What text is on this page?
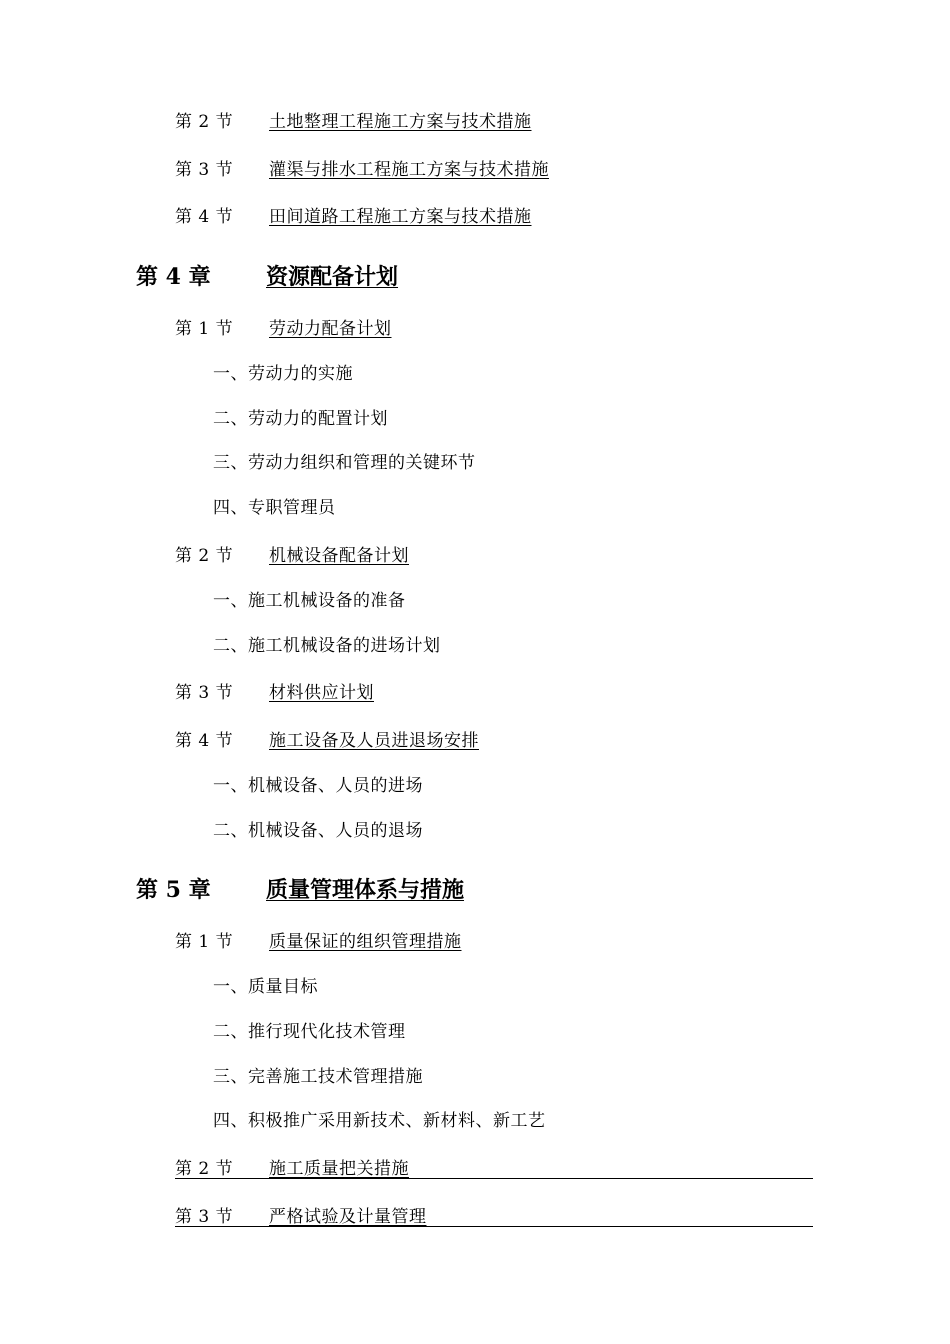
第 2 节 土地整理工程施工方案与技术措施
第 3 节 灌渠与排水工程施工方案与技术措施
第 4 节 田间道路工程施工方案与技术措施
第 4 章	资源配备计划
第 1 节 劳动力配备计划
一、劳动力的实施
二、劳动力的配置计划
三、劳动力组织和管理的关键环节
四、专职管理员
第 2 节 机械设备配备计划
一、施工机械设备的准备
二、施工机械设备的进场计划
第 3 节 材料供应计划
第 4 节 施工设备及人员进退场安排
一、机械设备、人员的进场
二、机械设备、人员的退场
第 5 章	质量管理体系与措施
第 1 节 质量保证的组织管理措施
一、质量目标
二、推行现代化技术管理
三、完善施工技术管理措施
四、积极推广采用新技术、新材料、新工艺
第 2 节 施工质量把关措施
第 3 节 严格试验及计量管理
